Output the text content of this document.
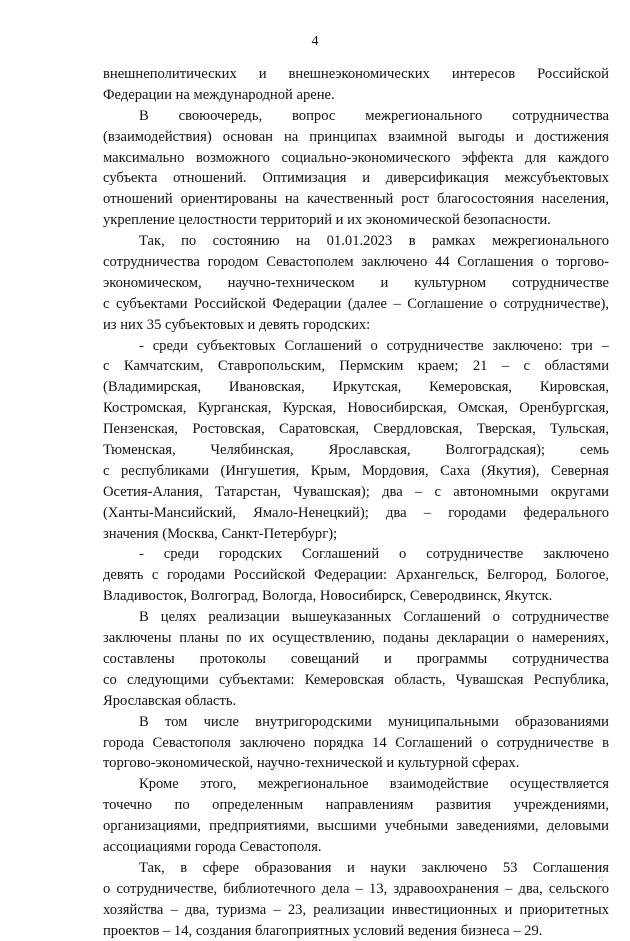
4
внешнеполитических и внешнеэкономических интересов Российской
Федерации на международной арене.
В своюочередь, вопрос межрегионального сотрудничества
(взаимодействия) основан на принципах взаимной выгоды и достижения
максимально возможного социально-экономического эффекта для каждого
субъекта отношений. Оптимизация и диверсификация межсубъектовых
отношений ориентированы на качественный рост благосостояния населения,
укрепление целостности территорий и их экономической безопасности.
Так, по состоянию на 01.01.2023 в рамках межрегионального
сотрудничества городом Севастополем заключено 44 Соглашения о торгово-
экономическом, научно-техническом и культурном сотрудничестве
с субъектами Российской Федерации (далее – Соглашение о сотрудничестве),
из них 35 субъектовых и девять городских:
- среди субъектовых Соглашений о сотрудничестве заключено: три –
с Камчатским, Ставропольским, Пермским краем; 21 – с областями
(Владимирская, Ивановская, Иркутская, Кемеровская, Кировская,
Костромская, Курганская, Курская, Новосибирская, Омская, Оренбургская,
Пензенская, Ростовская, Саратовская, Свердловская, Тверская, Тульская,
Тюменская, Челябинская, Ярославская, Волгоградская); семь
с республиками (Ингушетия, Крым, Мордовия, Саха (Якутия), Северная
Осетия-Алания, Татарстан, Чувашская); два – с автономными округами
(Ханты-Мансийский, Ямало-Ненецкий); два – городами федерального
значения (Москва, Санкт-Петербург);
- среди городских Соглашений о сотрудничестве заключено
девять с городами Российской Федерации: Архангельск, Белгород, Бологое,
Владивосток, Волгоград, Вологда, Новосибирск, Северодвинск, Якутск.
В целях реализации вышеуказанных Соглашений о сотрудничестве
заключены планы по их осуществлению, поданы декларации о намерениях,
составлены протоколы совещаний и программы сотрудничества
со следующими субъектами: Кемеровская область, Чувашская Республика,
Ярославская область.
В том числе внутригородскими муниципальными образованиями
города Севастополя заключено порядка 14 Соглашений о сотрудничестве в
торгово-экономической, научно-технической и культурной сферах.
Кроме этого, межрегиональное взаимодействие осуществляется
точечно по определенным направлениям развития учреждениями,
организациями, предприятиями, высшими учебными заведениями, деловыми
ассоциациями города Севастополя.
Так, в сфере образования и науки заключено 53 Соглашения
о сотрудничестве, библиотечного дела – 13, здравоохранения – два, сельского
хозяйства – два, туризма – 23, реализации инвестиционных и приоритетных
проектов – 14, создания благоприятных условий ведения бизнеса – 29.
·:
